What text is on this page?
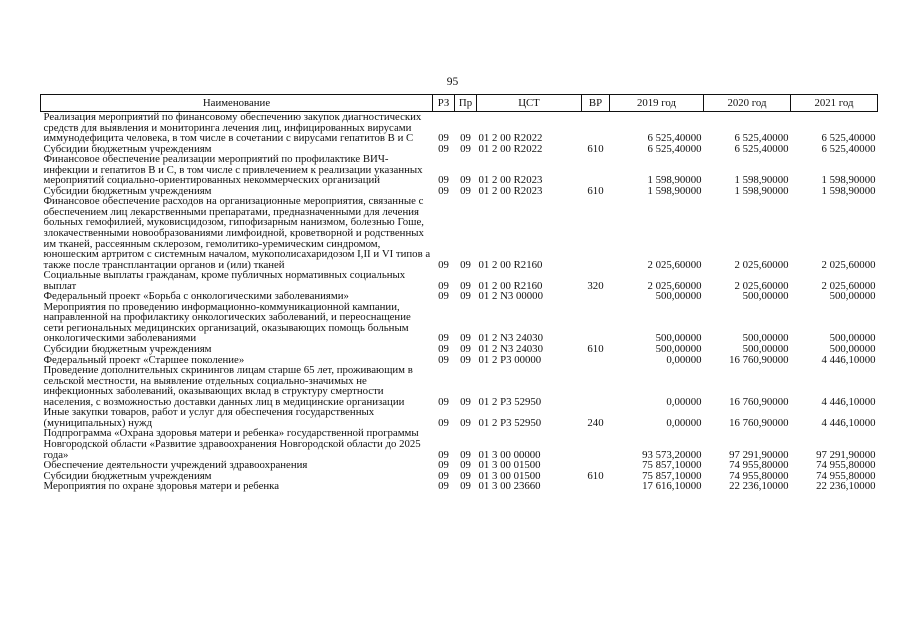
95
Наименование	РЗ	Пр	ЦСТ	ВР	2019 год	2020 год	2021 год
Реализация мероприятий по финансовому обеспечению закупок диагностических средств для выявления и мониторинга лечения лиц, инфицированных вирусами иммунодефицита человека, в том числе в сочетании с вирусами гепатитов В и С	09	09	01 2 00 R2022		6 525,40000	6 525,40000	6 525,40000
Субсидии бюджетным учреждениям	09	09	01 2 00 R2022	610	6 525,40000	6 525,40000	6 525,40000
Финансовое обеспечение реализации мероприятий по профилактике ВИЧ-инфекции и гепатитов В и С, в том числе с привлечением к реализации указанных мероприятий социально-ориентированных некоммерческих организаций	09	09	01 2 00 R2023		1 598,90000	1 598,90000	1 598,90000
Субсидии бюджетным учреждениям	09	09	01 2 00 R2023	610	1 598,90000	1 598,90000	1 598,90000
Финансовое обеспечение расходов на организационные мероприятия, связанные с обеспечением лиц лекарственными препаратами, предназначенными для лечения больных гемофилией, муковисцидозом, гипофизарным нанизмом, болезнью Гоше, злокачественными новообразованиями лимфоидной, кроветворной и родственных им тканей, рассеянным склерозом, гемолитико-уремическим синдромом, юношеским артритом с системным началом, мукополисахаридозом I,II и VI типов а также после трансплантации органов и (или) тканей	09	09	01 2 00 R2160		2 025,60000	2 025,60000	2 025,60000
Социальные выплаты гражданам, кроме публичных нормативных социальных выплат	09	09	01 2 00 R2160	320	2 025,60000	2 025,60000	2 025,60000
Федеральный проект «Борьба с онкологическими заболеваниями»	09	09	01 2 N3 00000		500,00000	500,00000	500,00000
Мероприятия по проведению информационно-коммуникационной кампании, направленной на профилактику онкологических заболеваний, и переоснащение сети региональных медицинских организаций, оказывающих помощь больным онкологическими заболеваниями	09	09	01 2 N3 24030		500,00000	500,00000	500,00000
Субсидии бюджетным учреждениям	09	09	01 2 N3 24030	610	500,00000	500,00000	500,00000
Федеральный проект «Старшее поколение»	09	09	01 2 P3 00000		0,00000	16 760,90000	4 446,10000
Проведение дополнительных скринингов лицам старше 65 лет, проживающим в сельской местности, на выявление отдельных социально-значимых не инфекционных заболеваний, оказывающих вклад в структуру смертности населения, с возможностью доставки данных лиц в медицинские организации	09	09	01 2 P3 52950		0,00000	16 760,90000	4 446,10000
Иные закупки товаров, работ и услуг для обеспечения государственных (муниципальных) нужд	09	09	01 2 P3 52950	240	0,00000	16 760,90000	4 446,10000
Подпрограмма «Охрана здоровья матери и ребенка» государственной программы Новгородской области «Развитие здравоохранения Новгородской области до 2025 года»	09	09	01 3 00 00000		93 573,20000	97 291,90000	97 291,90000
Обеспечение деятельности учреждений здравоохранения	09	09	01 3 00 01500		75 857,10000	74 955,80000	74 955,80000
Субсидии бюджетным учреждениям	09	09	01 3 00 01500	610	75 857,10000	74 955,80000	74 955,80000
Мероприятия по охране здоровья матери и ребенка	09	09	01 3 00 23660		17 616,10000	22 236,10000	22 236,10000
